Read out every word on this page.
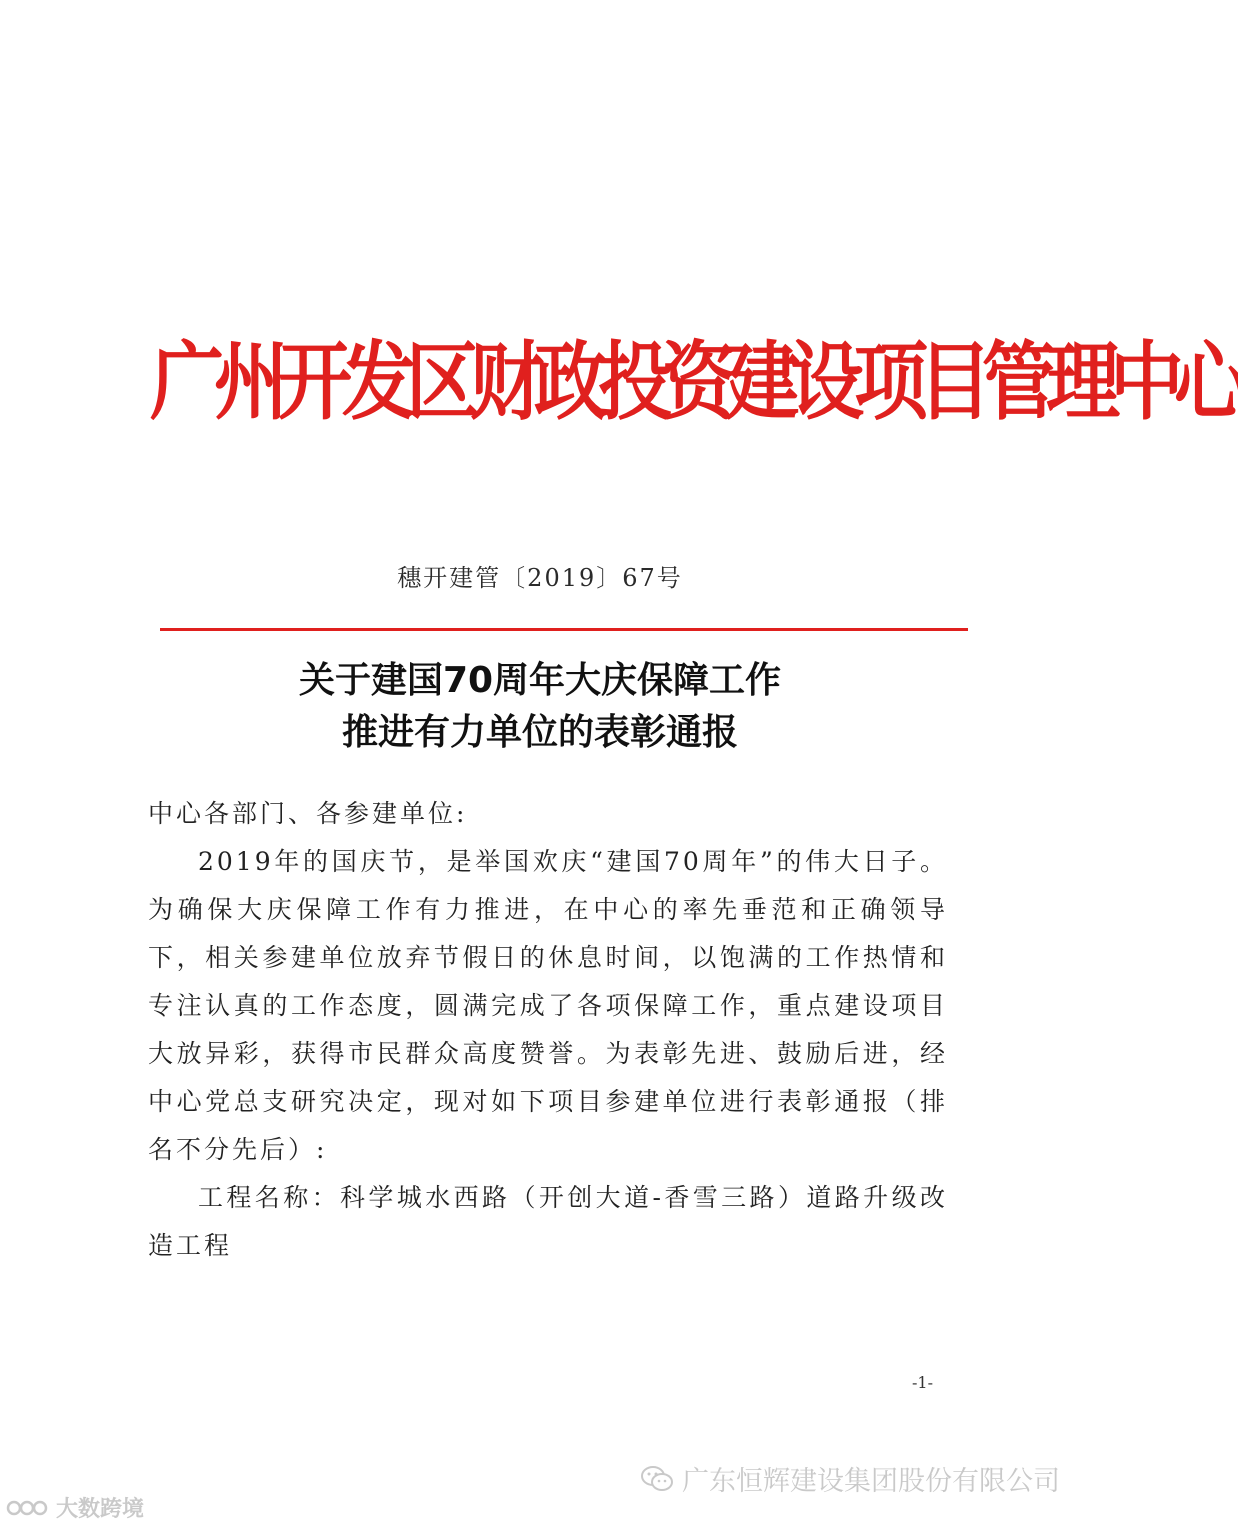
广州开发区财政投资建设项目管理中心
穗开建管〔2019〕67号
关于建国70周年大庆保障工作
推进有力单位的表彰通报

中心各部门、各参建单位:

2019年的国庆节，是举国欢庆“建国70周年”的伟大日子。为确保大庆保障工作有力推进，在中心的率先垂范和正确领导下，相关参建单位放弃节假日的休息时间，以饱满的工作热情和专注认真的工作态度，圆满完成了各项保障工作，重点建设项目大放异彩，获得市民群众高度赞誉。为表彰先进、鼓励后进，经中心党总支研究决定，现对如下项目参建单位进行表彰通报（排名不分先后）:

工程名称：科学城水西路（开创大道-香雪三路）道路升级改造工程

-1-
广东恒辉建设集团股份有限公司
大数跨境
